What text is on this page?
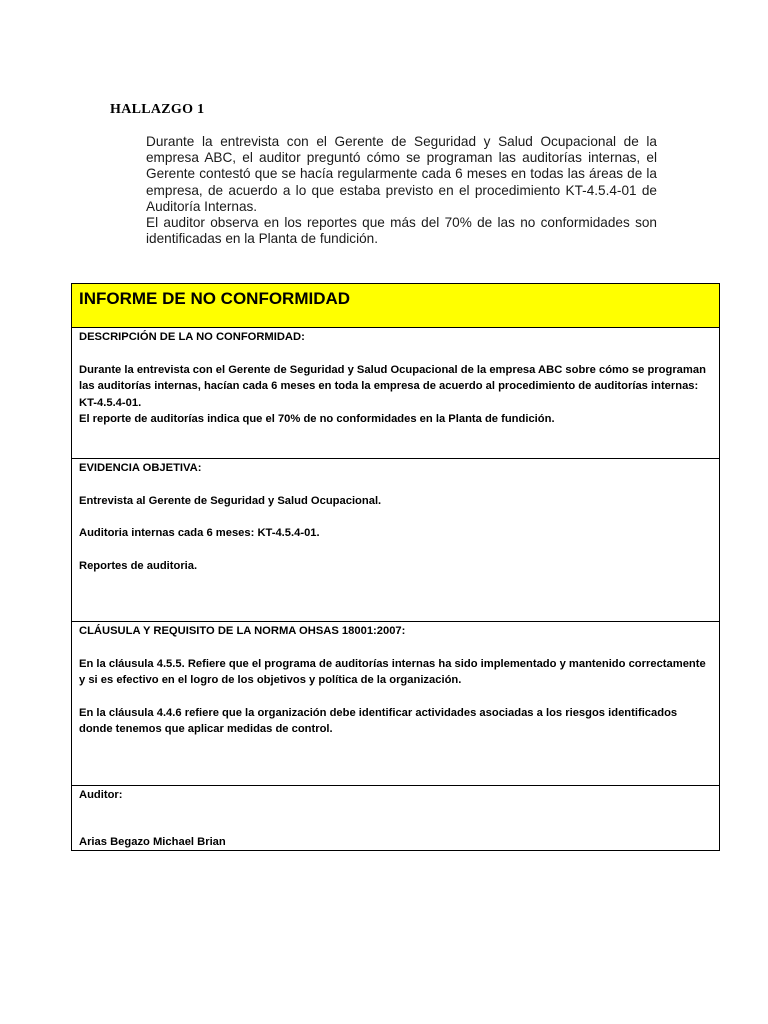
HALLAZGO 1

Durante la entrevista con el Gerente de Seguridad y Salud Ocupacional de la empresa ABC, el auditor preguntó cómo se programan las auditorías internas, el Gerente contestó que se hacía regularmente cada 6 meses en todas las áreas de la empresa, de acuerdo a lo que estaba previsto en el procedimiento KT-4.5.4-01 de Auditoría Internas.

El auditor observa en los reportes que más del 70% de las no conformidades son identificadas en la Planta de fundición.

INFORME DE NO CONFORMIDAD

DESCRIPCIÓN DE LA NO CONFORMIDAD:
Durante la entrevista con el Gerente de Seguridad y Salud Ocupacional de la empresa ABC sobre cómo se programan las auditorías internas, hacían cada 6 meses en toda la empresa de acuerdo al procedimiento de auditorías internas: KT-4.5.4-01.
El reporte de auditorías indica que el 70% de no conformidades en la Planta de fundición.

EVIDENCIA OBJETIVA:
Entrevista al Gerente de Seguridad y Salud Ocupacional.
Auditoria internas cada 6 meses: KT-4.5.4-01.
Reportes de auditoria.

CLÁUSULA Y REQUISITO DE LA NORMA OHSAS 18001:2007:
En la cláusula 4.5.5. Refiere que el programa de auditorías internas ha sido implementado y mantenido correctamente y si es efectivo en el logro de los objetivos y política de la organización.
En la cláusula 4.4.6 refiere que la organización debe identificar actividades asociadas a los riesgos identificados donde tenemos que aplicar medidas de control.

Auditor:
Arias Begazo Michael Brian
